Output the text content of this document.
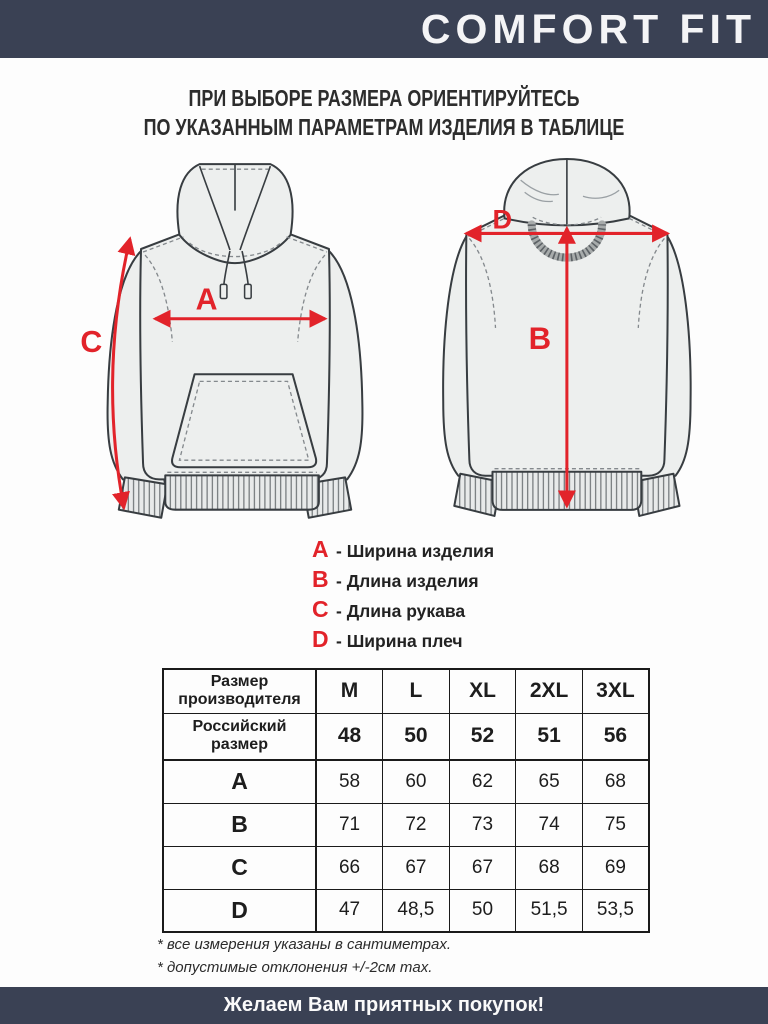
COMFORT FIT
ПРИ ВЫБОРЕ РАЗМЕРА ОРИЕНТИРУЙТЕСЬ
ПО УКАЗАННЫМ ПАРАМЕТРАМ ИЗДЕЛИЯ В ТАБЛИЦЕ
A
C
D
B
A - Ширина изделия
B - Длина изделия
C - Длина рукава
D - Ширина плеч
Размер производителя	M	L	XL	2XL	3XL
Российский размер	48	50	52	51	56
A	58	60	62	65	68
B	71	72	73	74	75
C	66	67	67	68	69
D	47	48,5	50	51,5	53,5
* все измерения указаны в сантиметрах.
* допустимые отклонения +/-2см max.
Желаем Вам приятных покупок!
